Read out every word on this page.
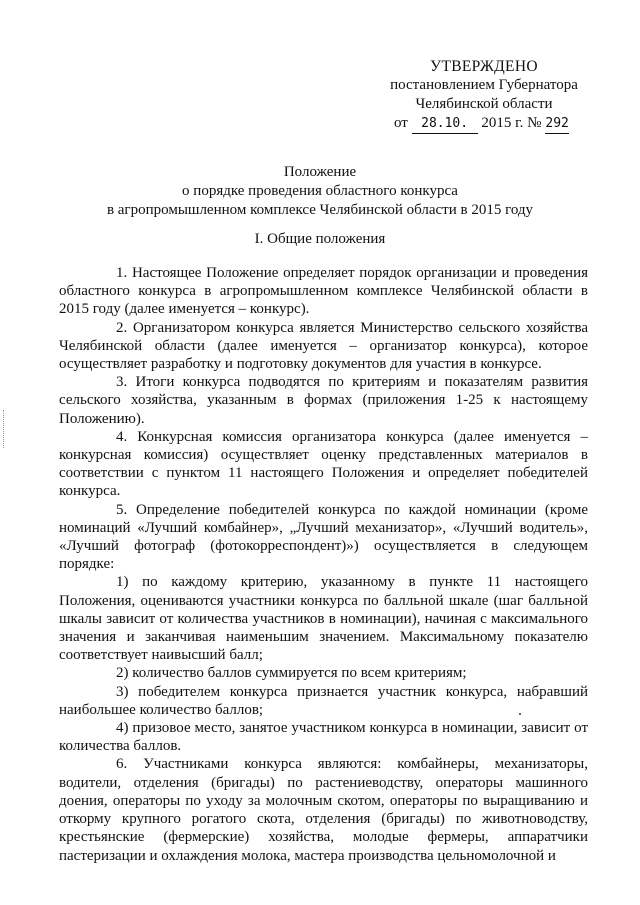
УТВЕРЖДЕНО
постановлением Губернатора
Челябинской области
от 28.10. 2015 г. № 292
Положение
о порядке проведения областного конкурса
в агропромышленном комплексе Челябинской области в 2015 году
I. Общие положения

1. Настоящее Положение определяет порядок организации и проведения областного конкурса в агропромышленном комплексе Челябинской области в 2015 году (далее именуется – конкурс).

2. Организатором конкурса является Министерство сельского хозяйства Челябинской области (далее именуется – организатор конкурса), которое осуществляет разработку и подготовку документов для участия в конкурсе.

3. Итоги конкурса подводятся по критериям и показателям развития сельского хозяйства, указанным в формах (приложения 1-25 к настоящему Положению).

4. Конкурсная комиссия организатора конкурса (далее именуется – конкурсная комиссия) осуществляет оценку представленных материалов в соответствии с пунктом 11 настоящего Положения и определяет победителей конкурса.

5. Определение победителей конкурса по каждой номинации (кроме номинаций «Лучший комбайнер», „Лучший механизатор», «Лучший водитель», «Лучший фотограф (фотокорреспондент)») осуществляется в следующем порядке:

1) по каждому критерию, указанному в пункте 11 настоящего Положения, оцениваются участники конкурса по балльной шкале (шаг балльной шкалы зависит от количества участников в номинации), начиная с максимального значения и заканчивая наименьшим значением. Максимальному показателю соответствует наивысший балл;

2) количество баллов суммируется по всем критериям;

3) победителем конкурса признается участник конкурса, набравший наибольшее количество баллов;

4) призовое место, занятое участником конкурса в номинации, зависит от количества баллов.

6. Участниками конкурса являются: комбайнеры, механизаторы, водители, отделения (бригады) по растениеводству, операторы машинного доения, операторы по уходу за молочным скотом, операторы по выращиванию и откорму крупного рогатого скота, отделения (бригады) по животноводству, крестьянские (фермерские) хозяйства, молодые фермеры, аппаратчики пастеризации и охлаждения молока, мастера производства цельномолочной и
